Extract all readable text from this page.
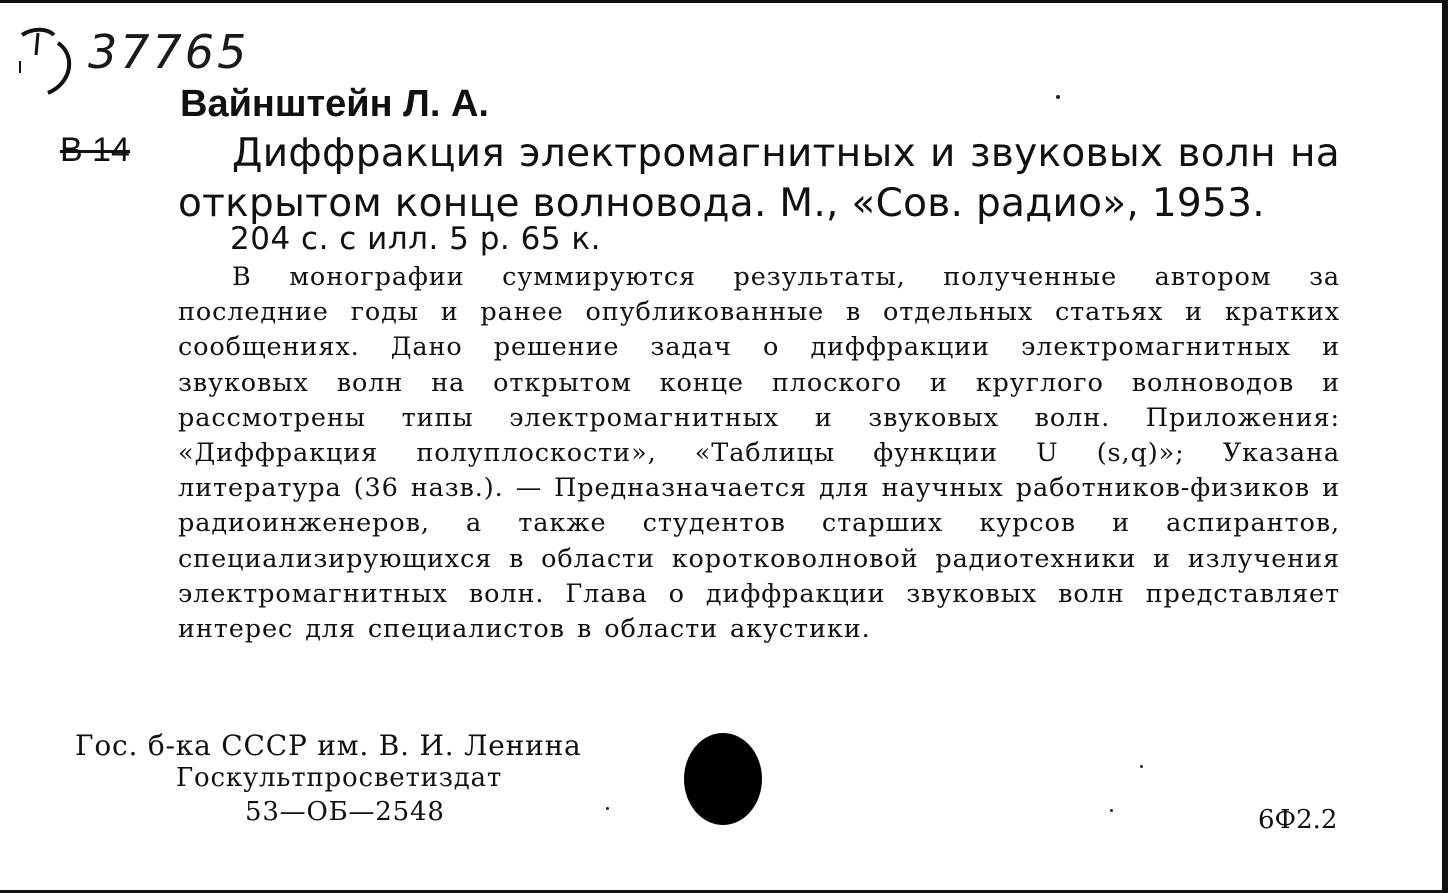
37765
Вайнштейн Л. А.
В 14	Диффракция электромагнитных и звуковых волн на открытом конце волновода. М., «Сов. радио», 1953.
204 с. с илл. 5 р. 65 к.
В монографии суммируются результаты, полученные автором за последние годы и ранее опубликованные в отдельных статьях и кратких сообщениях. Дано решение задач о диффракции электромагнитных и звуковых волн на открытом конце плоского и круглого волноводов и рассмотрены типы электромагнитных и звуковых волн. Приложения: «Диффракция полуплоскости», «Таблицы функции U (s,q)»; Указана литература (36 назв.). — Предназначается для научных работников-физиков и радиоинженеров, а также студентов старших курсов и аспирантов, специализирующихся в области коротковолновой радиотехники и излучения электромагнитных волн. Глава о диффракции звуковых волн представляет интерес для специалистов в области акустики.
Гос. б-ка СССР им. В. И. Ленина
Госкультпросветиздат
53—ОБ—2548	6Ф2.2
